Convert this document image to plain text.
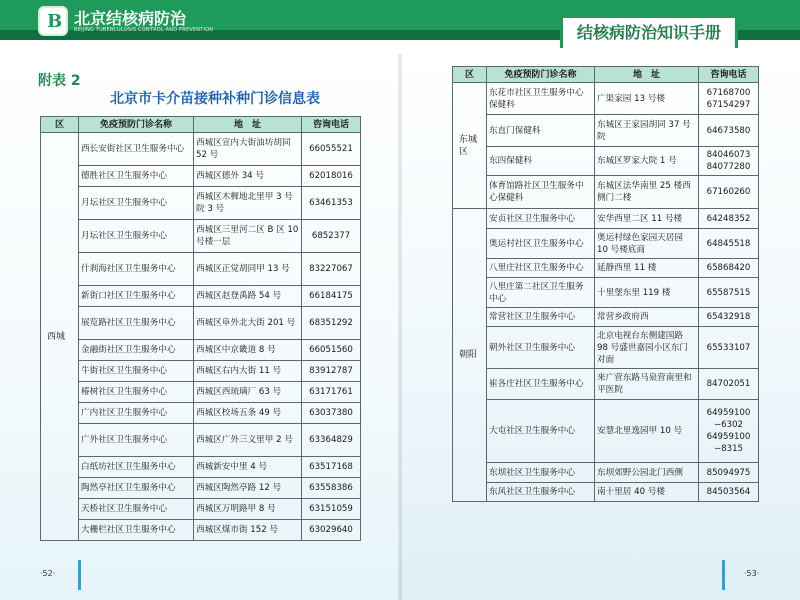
B 北京结核病防治
BEIJING TUBERCULOSIS CONTROL AND PREVENTION	结核病防治知识手册
附表 2
北京市卡介苗接种补种门诊信息表
区	免疫预防门诊名称	地　址	咨询电话
西城	西长安街社区卫生服务中心	西城区宣内大街油坊胡同 52 号	66055521
	德胜社区卫生服务中心	西城区德外 34 号	62018016
	月坛社区卫生服务中心	西城区木樨地北里甲 3 号院 3 号	63461353
	月坛社区卫生服务中心	西城区三里河二区 B 区 10 号楼一层	6852377
	什刹海社区卫生服务中心	西城区正觉胡同甲 13 号	83227067
	新街口社区卫生服务中心	西城区赵登禹路 54 号	66184175
	展览路社区卫生服务中心	西城区阜外北大街 201 号	68351292
	金融街社区卫生服务中心	西城区中京畿道 8 号	66051560
	牛街社区卫生服务中心	西城区右内大街 11 号	83912787
	椿树社区卫生服务中心	西城区西琉璃厂 63 号	63171761
	广内社区卫生服务中心	西城区校场五条 49 号	63037380
	广外社区卫生服务中心	西城区广外三义里甲 2 号	63364829
	白纸坊社区卫生服务中心	西城新安中里 4 号	63517168
	陶然亭社区卫生服务中心	西城区陶然亭路 12 号	63558386
	天桥社区卫生服务中心	西城区万明路甲 8 号	63151059
	大栅栏社区卫生服务中心	西城区煤市街 152 号	63029640
区	免疫预防门诊名称	地　址	咨询电话
东城区	东花市社区卫生服务中心保健科	广渠家园 13 号楼	67168700 67154297
	东直门保健科	东城区王家园胡同 37 号院	64673580
	东四保健科	东城区罗家大院 1 号	84046073 84077280
	体育馆路社区卫生服务中心保健科	东城区法华南里 25 楼西侧门二楼	67160260
朝阳	安贞社区卫生服务中心	安华西里二区 11 号楼	64248352
	奥运村社区卫生服务中心	奥运村绿色家园天居园 10 号楼底商	64845518
	八里庄社区卫生服务中心	延静西里 11 楼	65868420
	八里庄第二社区卫生服务中心	十里堡东里 119 楼	65587515
	常营社区卫生服务中心	常营乡政府西	65432918
	朝外社区卫生服务中心	北京电视台东侧建国路 98 号盛世嘉园小区东门对面	65533107
	崔各庄社区卫生服务中心	来广营东路马泉营南里和平医院	84702051
	大屯社区卫生服务中心	安慧北里逸园甲 10 号	64959100 −6302 64959100 −8315
	东坝社区卫生服务中心	东坝郊野公园北门西侧	85094975
	东风社区卫生服务中心	南十里居 40 号楼	84503564
·52·	·53·
